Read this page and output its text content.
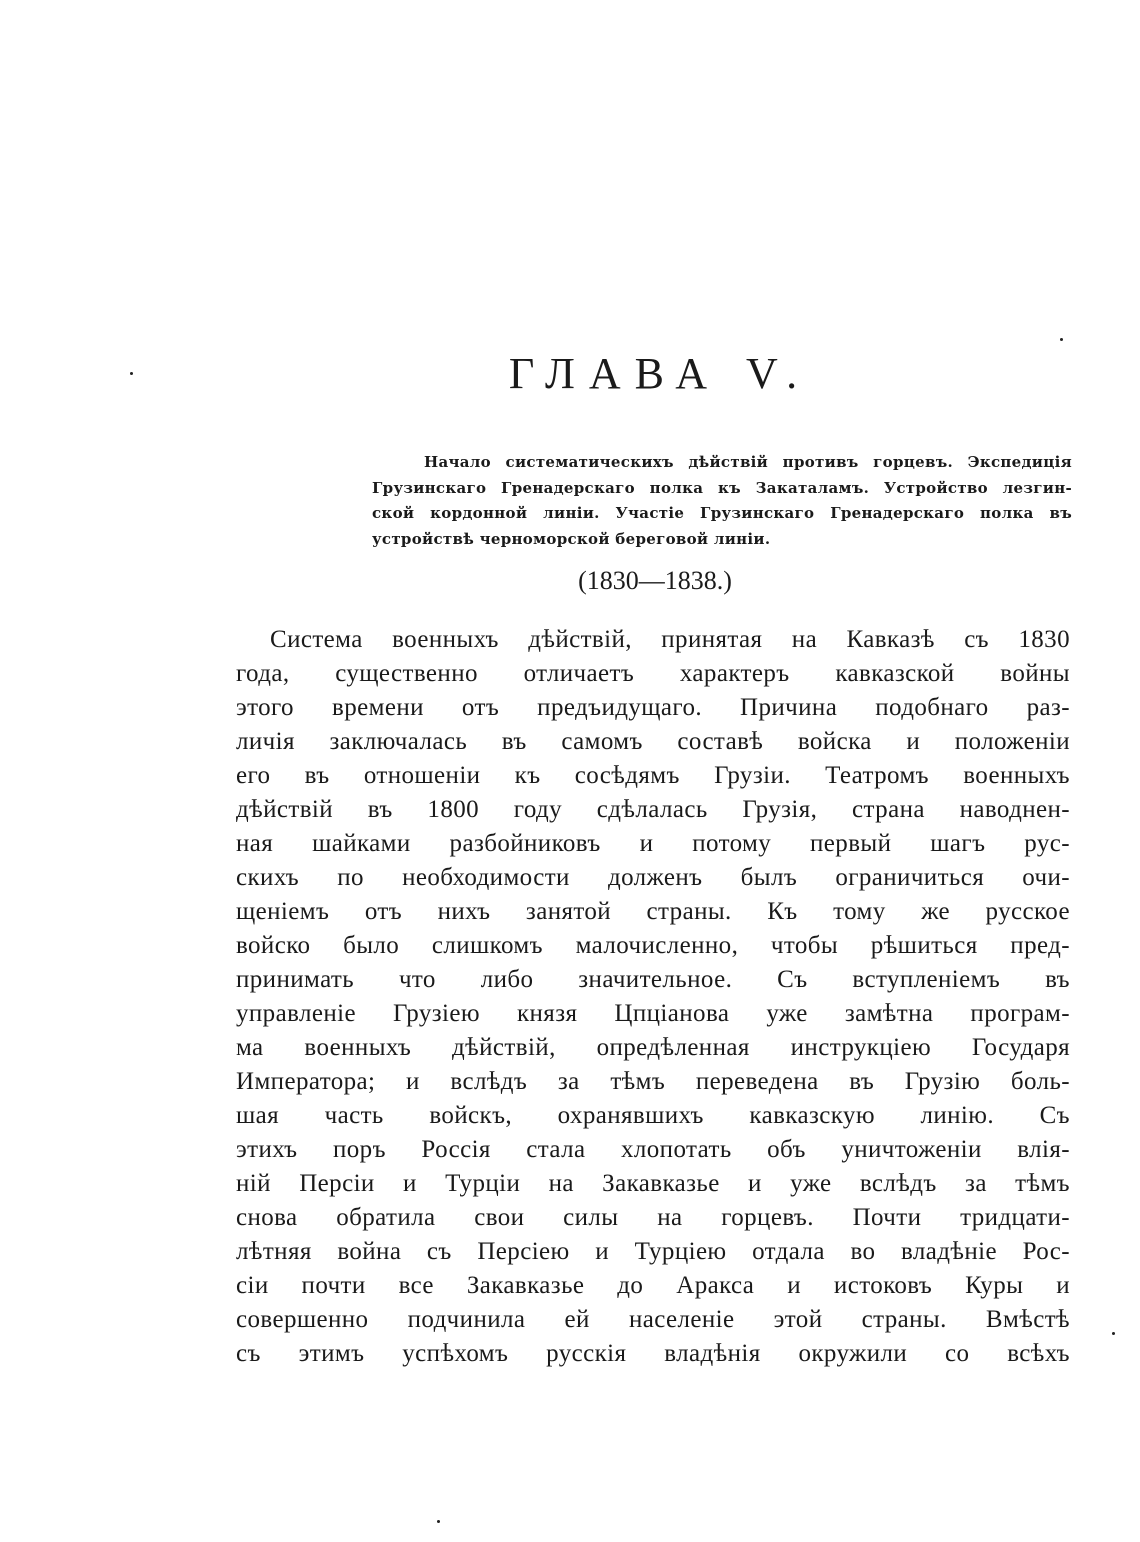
ГЛАВА V.
Начало систематическихъ дѣйствій противъ горцевъ. Экспедиція
Грузинскаго Гренадерскаго полка къ Закаталамъ. Устройство лезгин-
ской кордонной линіи. Участіе Грузинскаго Гренадерскаго полка въ
устройствѣ черноморской береговой линіи.
(1830—1838.)
Система военныхъ дѣйствій, принятая на Кавказѣ съ 1830
года, существенно отличаетъ характеръ кавказской войны
этого времени отъ предъидущаго. Причина подобнаго раз-
личія заключалась въ самомъ составѣ войска и положеніи
его въ отношеніи къ сосѣдямъ Грузіи. Театромъ военныхъ
дѣйствій въ 1800 году сдѣлалась Грузія, страна наводнен-
ная шайками разбойниковъ и потому первый шагъ рус-
скихъ по необходимости долженъ былъ ограничиться очи-
щеніемъ отъ нихъ занятой страны. Къ тому же русское
войско было слишкомъ малочисленно, чтобы рѣшиться пред-
принимать что либо значительное. Съ вступленіемъ въ
управленіе Грузіею князя Цпціанова уже замѣтна програм-
ма военныхъ дѣйствій, опредѣленная инструкціею Государя
Императора; и вслѣдъ за тѣмъ переведена въ Грузію боль-
шая часть войскъ, охранявшихъ кавказскую линію. Съ
этихъ поръ Россія стала хлопотать объ уничтоженіи влія-
ній Персіи и Турціи на Закавказье и уже вслѣдъ за тѣмъ
снова обратила свои силы на горцевъ. Почти тридцати-
лѣтняя война съ Персіею и Турціею отдала во владѣніе Рос-
сіи почти все Закавказье до Аракса и истоковъ Куры и
совершенно подчинила ей населеніе этой страны. Вмѣстѣ
съ этимъ успѣхомъ русскія владѣнія окружили со всѣхъ
